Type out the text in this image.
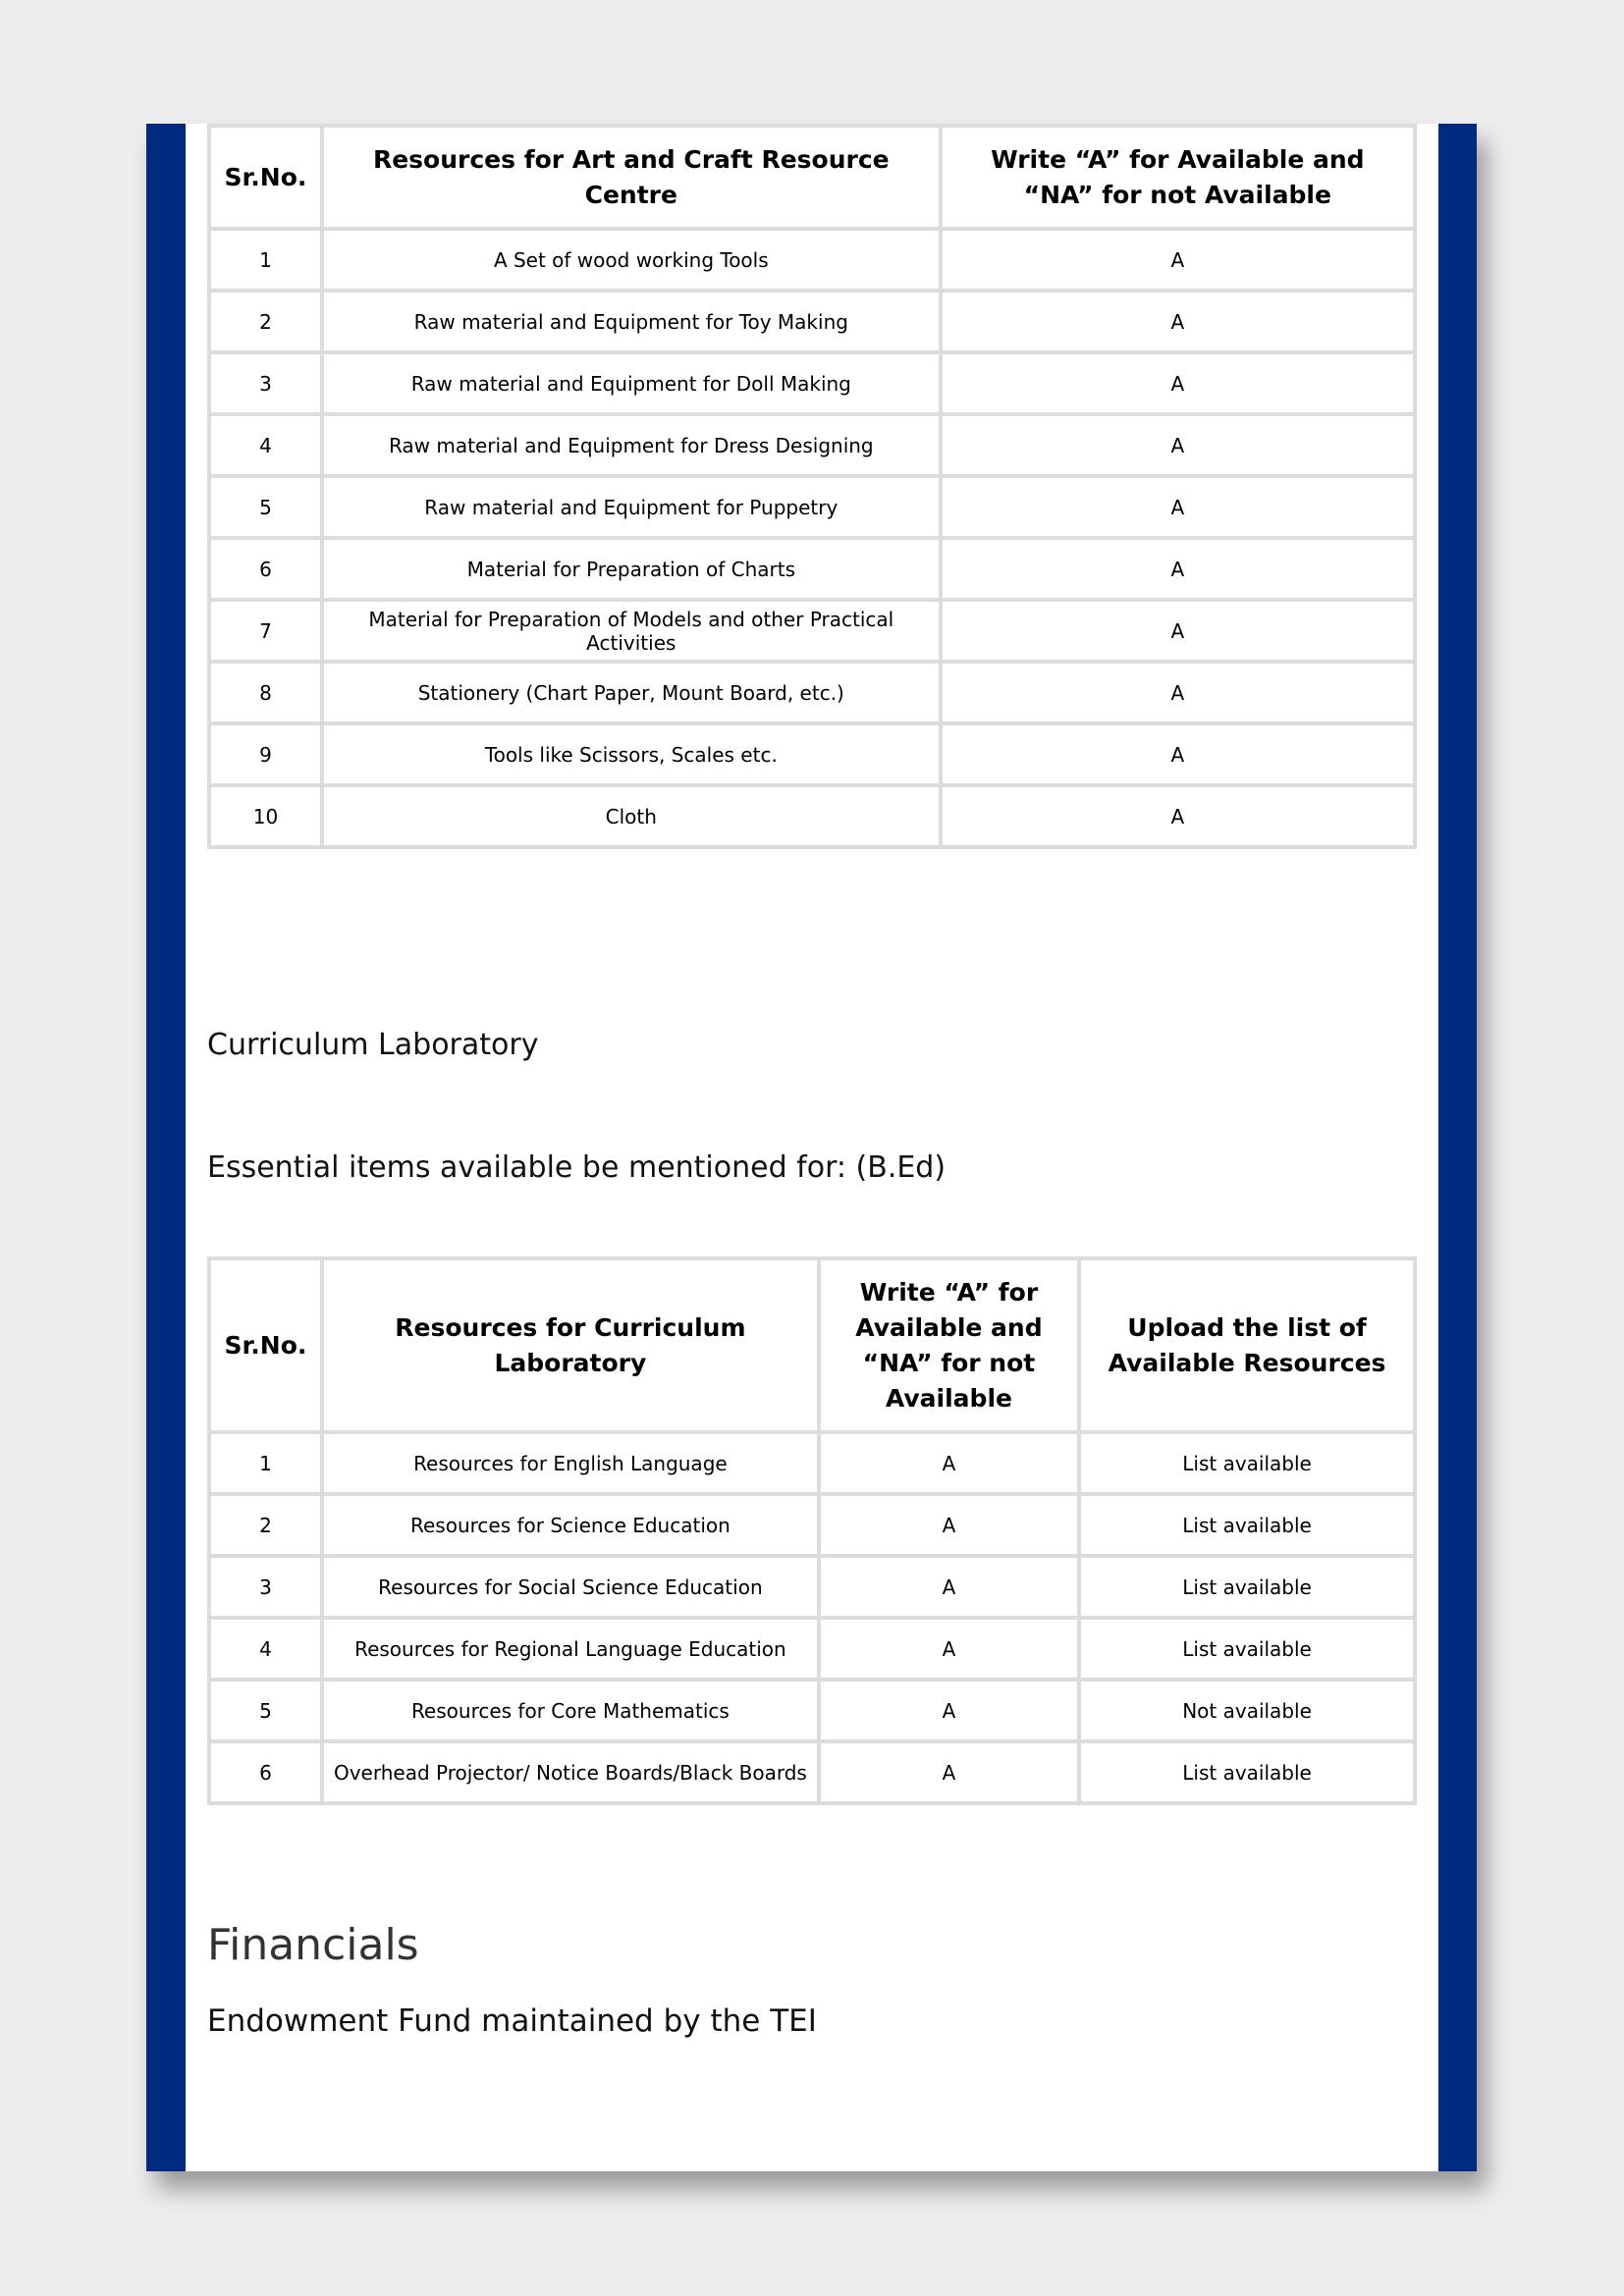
Sr.No.	Resources for Art and Craft Resource Centre	Write “A” for Available and “NA” for not Available
1	A Set of wood working Tools	A
2	Raw material and Equipment for Toy Making	A
3	Raw material and Equipment for Doll Making	A
4	Raw material and Equipment for Dress Designing	A
5	Raw material and Equipment for Puppetry	A
6	Material for Preparation of Charts	A
7	Material for Preparation of Models and other Practical Activities	A
8	Stationery (Chart Paper, Mount Board, etc.)	A
9	Tools like Scissors, Scales etc.	A
10	Cloth	A
Curriculum Laboratory
Essential items available be mentioned for: (B.Ed)
Sr.No.	Resources for Curriculum Laboratory	Write “A” for Available and “NA” for not Available	Upload the list of Available Resources
1	Resources for English Language	A	List available
2	Resources for Science Education	A	List available
3	Resources for Social Science Education	A	List available
4	Resources for Regional Language Education	A	List available
5	Resources for Core Mathematics	A	Not available
6	Overhead Projector/ Notice Boards/Black Boards	A	List available
Financials
Endowment Fund maintained by the TEI
